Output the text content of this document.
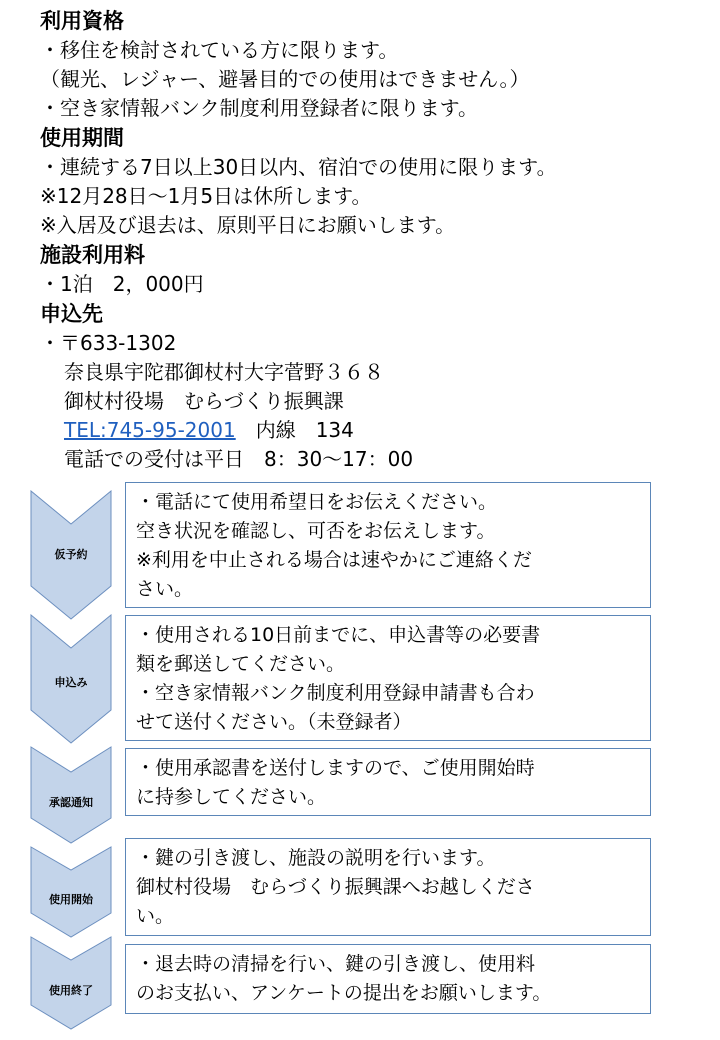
利用資格
・移住を検討されている方に限ります。
（観光、レジャー、避暑目的での使用はできません。）
・空き家情報バンク制度利用登録者に限ります。
使用期間
・連続する7日以上30日以内、宿泊での使用に限ります。
※12月28日～1月5日は休所します。
※入居及び退去は、原則平日にお願いします。
施設利用料
・1泊　2，000円
申込先
・〒633-1302
奈良県宇陀郡御杖村大字菅野３６８
御杖村役場　むらづくり振興課
TEL:745-95-2001　内線　134
電話での受付は平日　8：30～17：00
仮予約
・電話にて使用希望日をお伝えください。
空き状況を確認し、可否をお伝えします。
※利用を中止される場合は速やかにご連絡くだ
さい。
申込み
・使用される10日前までに、申込書等の必要書
類を郵送してください。
・空き家情報バンク制度利用登録申請書も合わ
せて送付ください。（未登録者）
承認通知
・使用承認書を送付しますので、ご使用開始時
に持参してください。
使用開始
・鍵の引き渡し、施設の説明を行います。
御杖村役場　むらづくり振興課へお越しくださ
い。
使用終了
・退去時の清掃を行い、鍵の引き渡し、使用料
のお支払い、アンケートの提出をお願いします。
